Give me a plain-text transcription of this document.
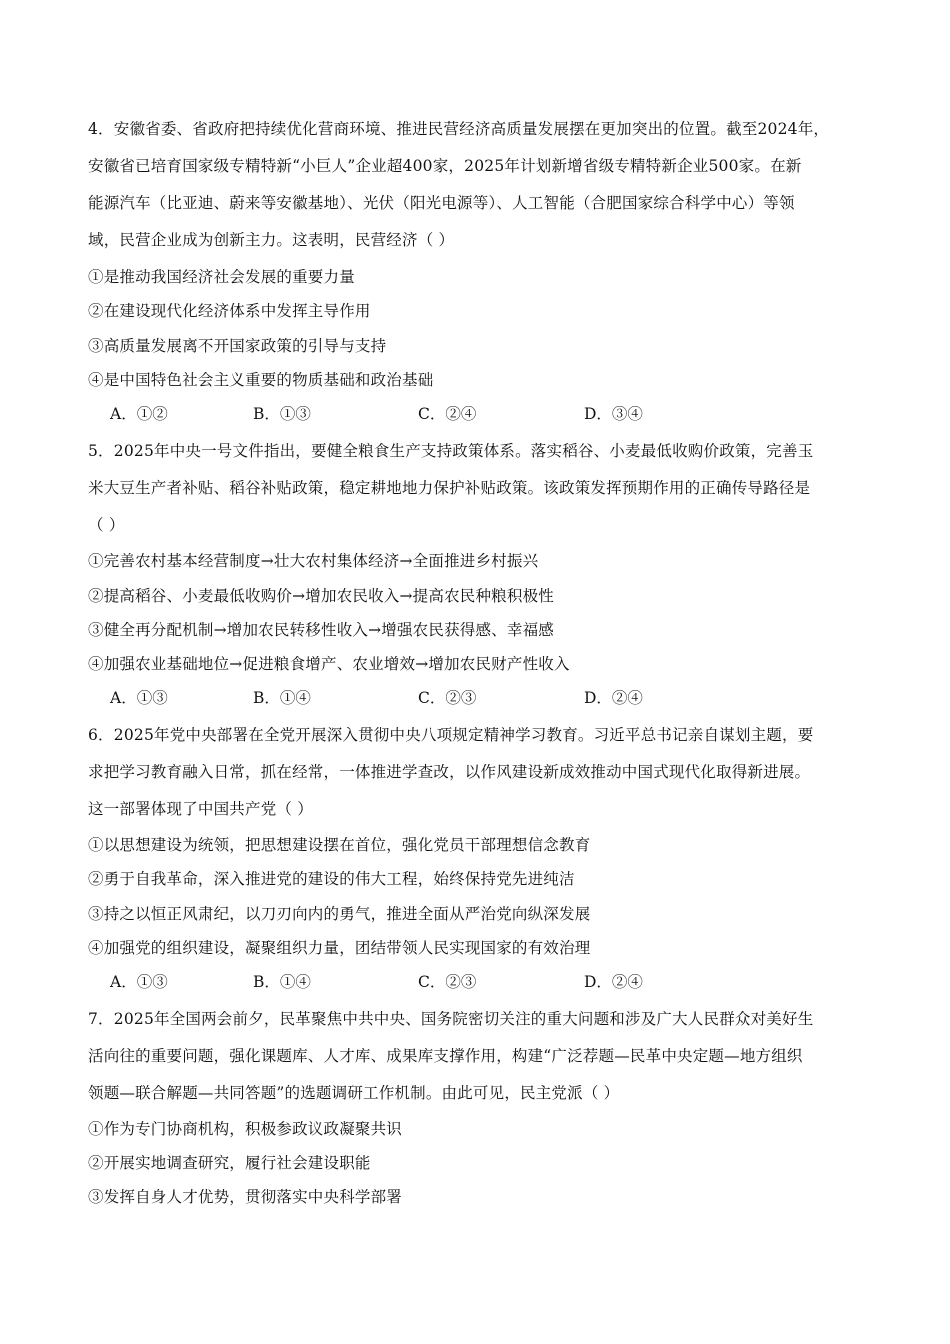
4．安徽省委、省政府把持续优化营商环境、推进民营经济高质量发展摆在更加突出的位置。截至2024年，
安徽省已培育国家级专精特新“小巨人”企业超400家，2025年计划新增省级专精特新企业500家。在新
能源汽车（比亚迪、蔚来等安徽基地）、光伏（阳光电源等）、人工智能（合肥国家综合科学中心）等领
域，民营企业成为创新主力。这表明，民营经济（ ）
①是推动我国经济社会发展的重要力量
②在建设现代化经济体系中发挥主导作用
③高质量发展离不开国家政策的引导与支持
④是中国特色社会主义重要的物质基础和政治基础
A．①②	B．①③	C．②④	D．③④
5．2025年中央一号文件指出，要健全粮食生产支持政策体系。落实稻谷、小麦最低收购价政策，完善玉
米大豆生产者补贴、稻谷补贴政策，稳定耕地地力保护补贴政策。该政策发挥预期作用的正确传导路径是
（ ）
①完善农村基本经营制度→壮大农村集体经济→全面推进乡村振兴
②提高稻谷、小麦最低收购价→增加农民收入→提高农民种粮积极性
③健全再分配机制→增加农民转移性收入→增强农民获得感、幸福感
④加强农业基础地位→促进粮食增产、农业增效→增加农民财产性收入
A．①③	B．①④	C．②③	D．②④
6．2025年党中央部署在全党开展深入贯彻中央八项规定精神学习教育。习近平总书记亲自谋划主题，要
求把学习教育融入日常，抓在经常，一体推进学查改，以作风建设新成效推动中国式现代化取得新进展。
这一部署体现了中国共产党（ ）
①以思想建设为统领，把思想建设摆在首位，强化党员干部理想信念教育
②勇于自我革命，深入推进党的建设的伟大工程，始终保持党先进纯洁
③持之以恒正风肃纪，以刀刃向内的勇气，推进全面从严治党向纵深发展
④加强党的组织建设，凝聚组织力量，团结带领人民实现国家的有效治理
A．①③	B．①④	C．②③	D．②④
7．2025年全国两会前夕，民革聚焦中共中央、国务院密切关注的重大问题和涉及广大人民群众对美好生
活向往的重要问题，强化课题库、人才库、成果库支撑作用，构建“广泛荐题—民革中央定题—地方组织
领题—联合解题—共同答题”的选题调研工作机制。由此可见，民主党派（ ）
①作为专门协商机构，积极参政议政凝聚共识
②开展实地调查研究，履行社会建设职能
③发挥自身人才优势，贯彻落实中央科学部署
